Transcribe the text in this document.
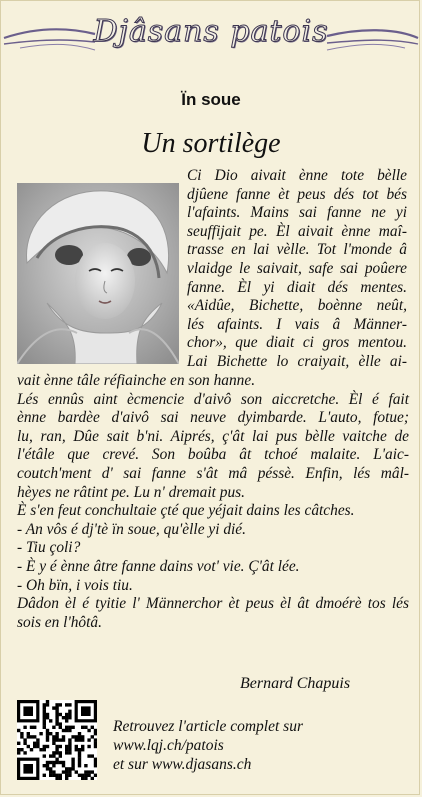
Djâsans patois
Ïn soue
Un sortilège

Ci Dio aivait ènne tote bèlle

djûene fanne èt peus dés tot bés

l'afaints. Mains sai fanne ne yi

seuffijait pe. Èl aivait ènne maî-

trasse en lai vèlle. Tot l'monde â

vlaidge le saivait, safe sai poûere

fanne. Èl yi diait dés mentes.

«Aidûe, Bichette, boènne neût,

lés afaints. I vais â Männer-

chor», que diait ci gros mentou.

Lai Bichette lo craiyait, èlle ai-

vait ènne tâle réfiainche en son hanne.

Lés ennûs aint ècmencie d'aivô son aiccretche. Èl é fait

ènne bardèe d'aivô sai neuve dyimbarde. L'auto, fotue;

lu, ran, Dûe sait b'ni. Aiprés, ç'ât lai pus bèlle vaitche de

l'étâle que crevé. Son boûba ât tchoé malaite. L'aic-

coutch'ment d' sai fanne s'ât mâ péssè. Enfin, lés mâl-

hèyes ne râtint pe. Lu n' dremait pus.

È s'en feut conchultaie çté que yéjait dains les câtches.

- An vôs é dj'tè ïn soue, qu'èlle yi dié.

- Tiu çoli?

- È y é ènne âtre fanne dains vot' vie. Ç'ât lée.

- Oh bïn, i vois tiu.

Dâdon èl é tyitie l' Männerchor èt peus èl ât dmoérè tos lés

sois en l'hôtâ.

Bernard Chapuis
Retrouvez l'article complet sur
www.lqj.ch/patois
et sur www.djasans.ch
